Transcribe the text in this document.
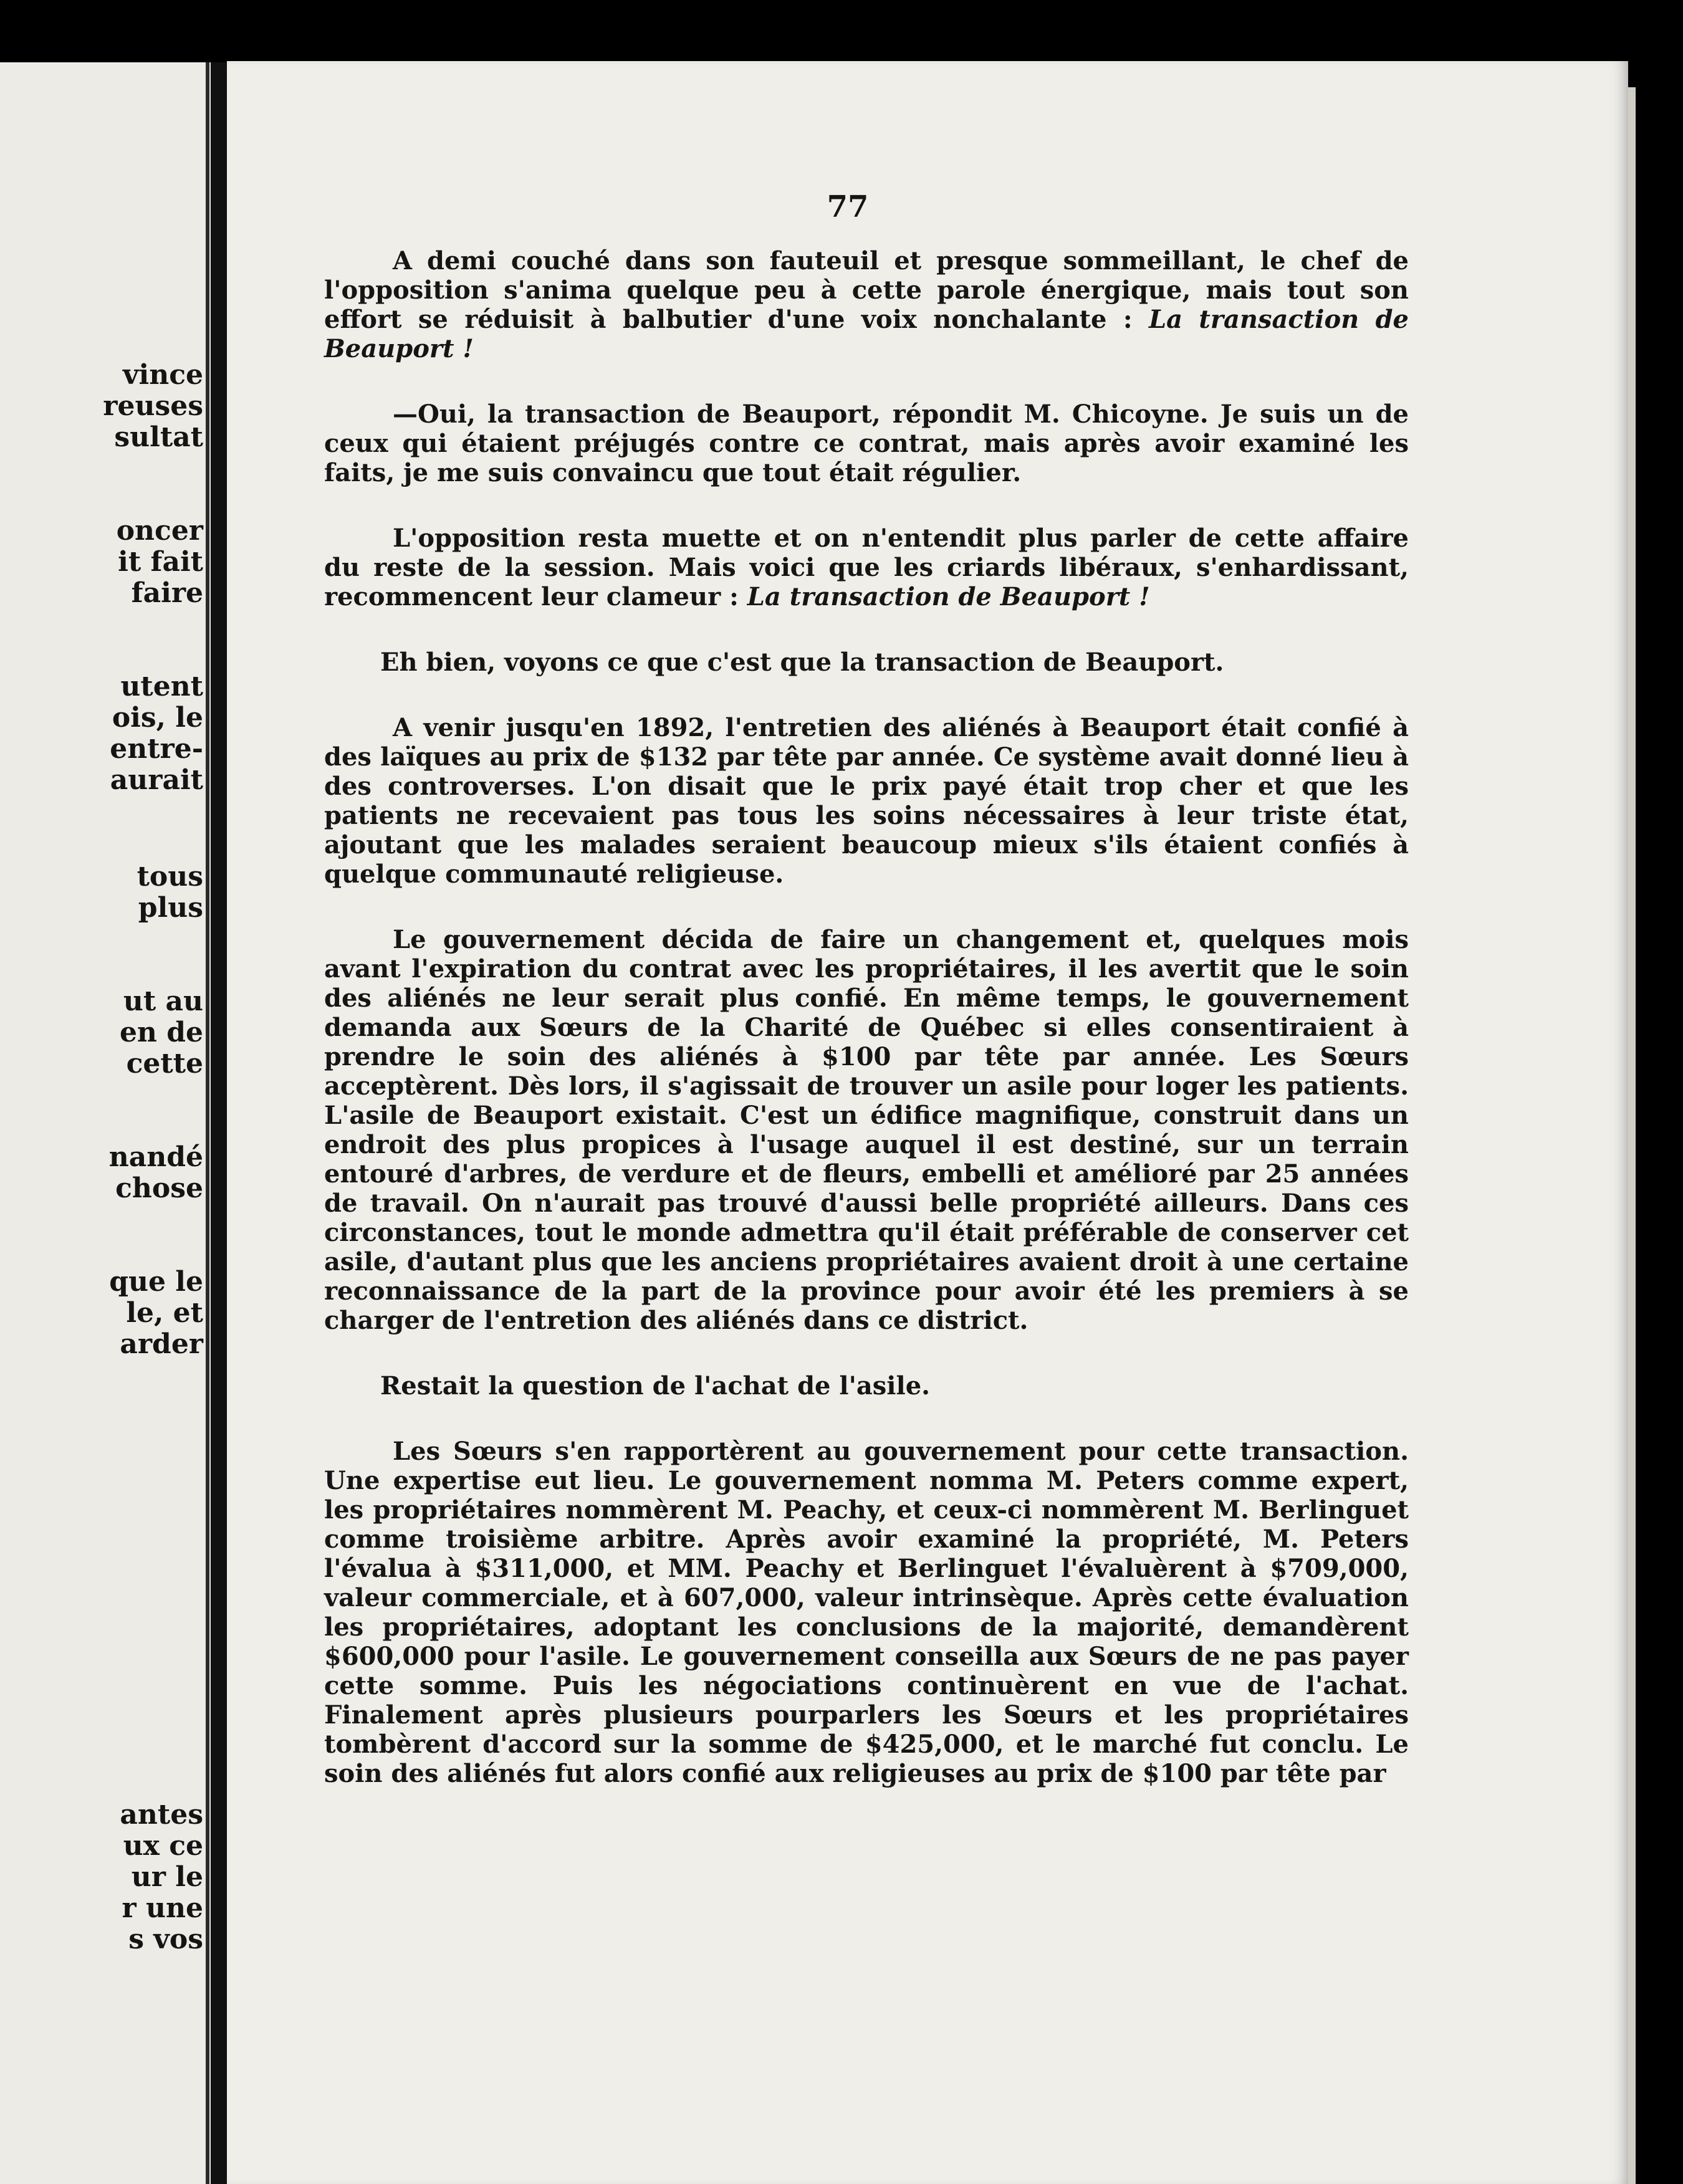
vince
reuses
sultat
oncer
it fait
faire
utent
ois, le
entre-
aurait
tous
plus
ut au
en de
cette
nandé
chose
que le
le, et
arder
antes
ux ce
ur le
r une
s vos
77

A demi couché dans son fauteuil et presque sommeillant, le chef de l'opposition s'anima quelque peu à cette parole énergique, mais tout son effort se réduisit à balbutier d'une voix nonchalante : La transaction de Beauport !

—Oui, la transaction de Beauport, répondit M. Chicoyne. Je suis un de ceux qui étaient préjugés contre ce contrat, mais après avoir examiné les faits, je me suis convaincu que tout était régulier.

L'opposition resta muette et on n'entendit plus parler de cette affaire du reste de la session. Mais voici que les criards libéraux, s'enhardissant, recommencent leur clameur : La transaction de Beauport !

Eh bien, voyons ce que c'est que la transaction de Beauport.

A venir jusqu'en 1892, l'entretien des aliénés à Beauport était confié à des laïques au prix de $132 par tête par année. Ce système avait donné lieu à des controverses. L'on disait que le prix payé était trop cher et que les patients ne recevaient pas tous les soins nécessaires à leur triste état, ajoutant que les malades seraient beaucoup mieux s'ils étaient confiés à quelque communauté religieuse.

Le gouvernement décida de faire un changement et, quelques mois avant l'expiration du contrat avec les propriétaires, il les avertit que le soin des aliénés ne leur serait plus confié. En même temps, le gouvernement demanda aux Sœurs de la Charité de Québec si elles consentiraient à prendre le soin des aliénés à $100 par tête par année. Les Sœurs acceptèrent. Dès lors, il s'agissait de trouver un asile pour loger les patients. L'asile de Beauport existait. C'est un édifice magnifique, construit dans un endroit des plus propices à l'usage auquel il est destiné, sur un terrain entouré d'arbres, de verdure et de fleurs, embelli et amélioré par 25 années de travail. On n'aurait pas trouvé d'aussi belle propriété ailleurs. Dans ces circonstances, tout le monde admettra qu'il était préférable de conserver cet asile, d'autant plus que les anciens propriétaires avaient droit à une certaine reconnaissance de la part de la province pour avoir été les premiers à se charger de l'entretion des aliénés dans ce district.

Restait la question de l'achat de l'asile.

Les Sœurs s'en rapportèrent au gouvernement pour cette transaction. Une expertise eut lieu. Le gouvernement nomma M. Peters comme expert, les propriétaires nommèrent M. Peachy, et ceux-ci nommèrent M. Berlinguet comme troisième arbitre. Après avoir examiné la propriété, M. Peters l'évalua à $311,000, et MM. Peachy et Berlinguet l'évaluèrent à $709,000, valeur commerciale, et à 607,000, valeur intrinsèque. Après cette évaluation les propriétaires, adoptant les conclusions de la majorité, demandèrent $600,000 pour l'asile. Le gouvernement conseilla aux Sœurs de ne pas payer cette somme. Puis les négociations continuèrent en vue de l'achat. Finalement après plusieurs pourparlers les Sœurs et les propriétaires tombèrent d'accord sur la somme de $425,000, et le marché fut conclu. Le soin des aliénés fut alors confié aux religieuses au prix de $100 par tête par
